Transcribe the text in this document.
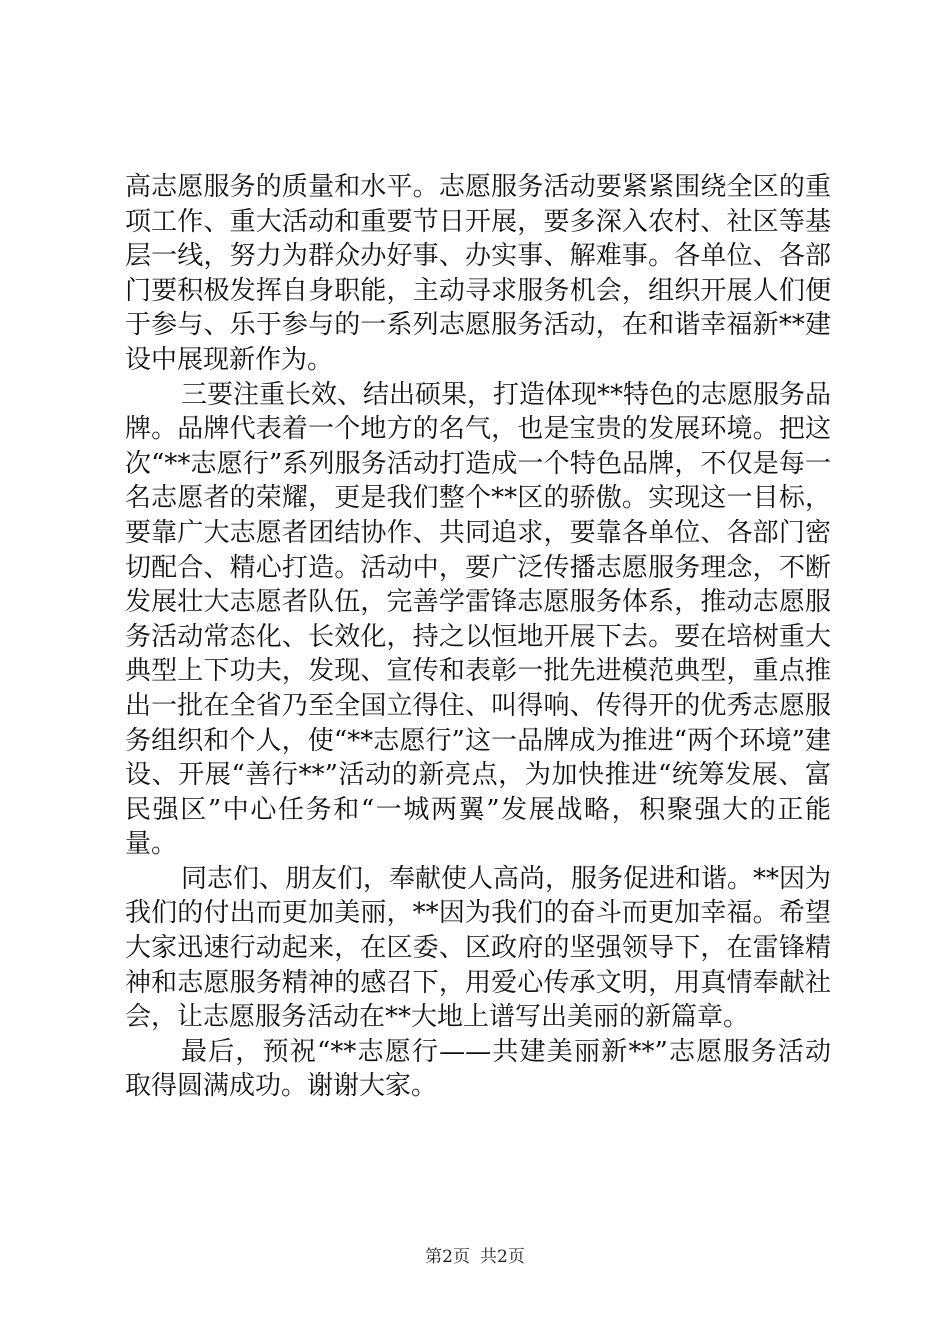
高志愿服务的质量和水平。志愿服务活动要紧紧围绕全区的重项工作、重大活动和重要节日开展，要多深入农村、社区等基层一线，努力为群众办好事、办实事、解难事。各单位、各部门要积极发挥自身职能，主动寻求服务机会，组织开展人们便于参与、乐于参与的一系列志愿服务活动，在和谐幸福新**建设中展现新作为。

三要注重长效、结出硕果，打造体现**特色的志愿服务品牌。品牌代表着一个地方的名气，也是宝贵的发展环境。把这次“**志愿行”系列服务活动打造成一个特色品牌，不仅是每一名志愿者的荣耀，更是我们整个**区的骄傲。实现这一目标，要靠广大志愿者团结协作、共同追求，要靠各单位、各部门密切配合、精心打造。活动中，要广泛传播志愿服务理念，不断发展壮大志愿者队伍，完善学雷锋志愿服务体系，推动志愿服务活动常态化、长效化，持之以恒地开展下去。要在培树重大典型上下功夫，发现、宣传和表彰一批先进模范典型，重点推出一批在全省乃至全国立得住、叫得响、传得开的优秀志愿服务组织和个人，使“**志愿行”这一品牌成为推进“两个环境”建设、开展“善行**”活动的新亮点，为加快推进“统筹发展、富民强区”中心任务和“一城两翼”发展战略，积聚强大的正能量。

同志们、朋友们，奉献使人高尚，服务促进和谐。**因为我们的付出而更加美丽，**因为我们的奋斗而更加幸福。希望大家迅速行动起来，在区委、区政府的坚强领导下，在雷锋精神和志愿服务精神的感召下，用爱心传承文明，用真情奉献社会，让志愿服务活动在**大地上谱写出美丽的新篇章。

最后，预祝“**志愿行——共建美丽新**”志愿服务活动取得圆满成功。谢谢大家。

第2页 共2页
